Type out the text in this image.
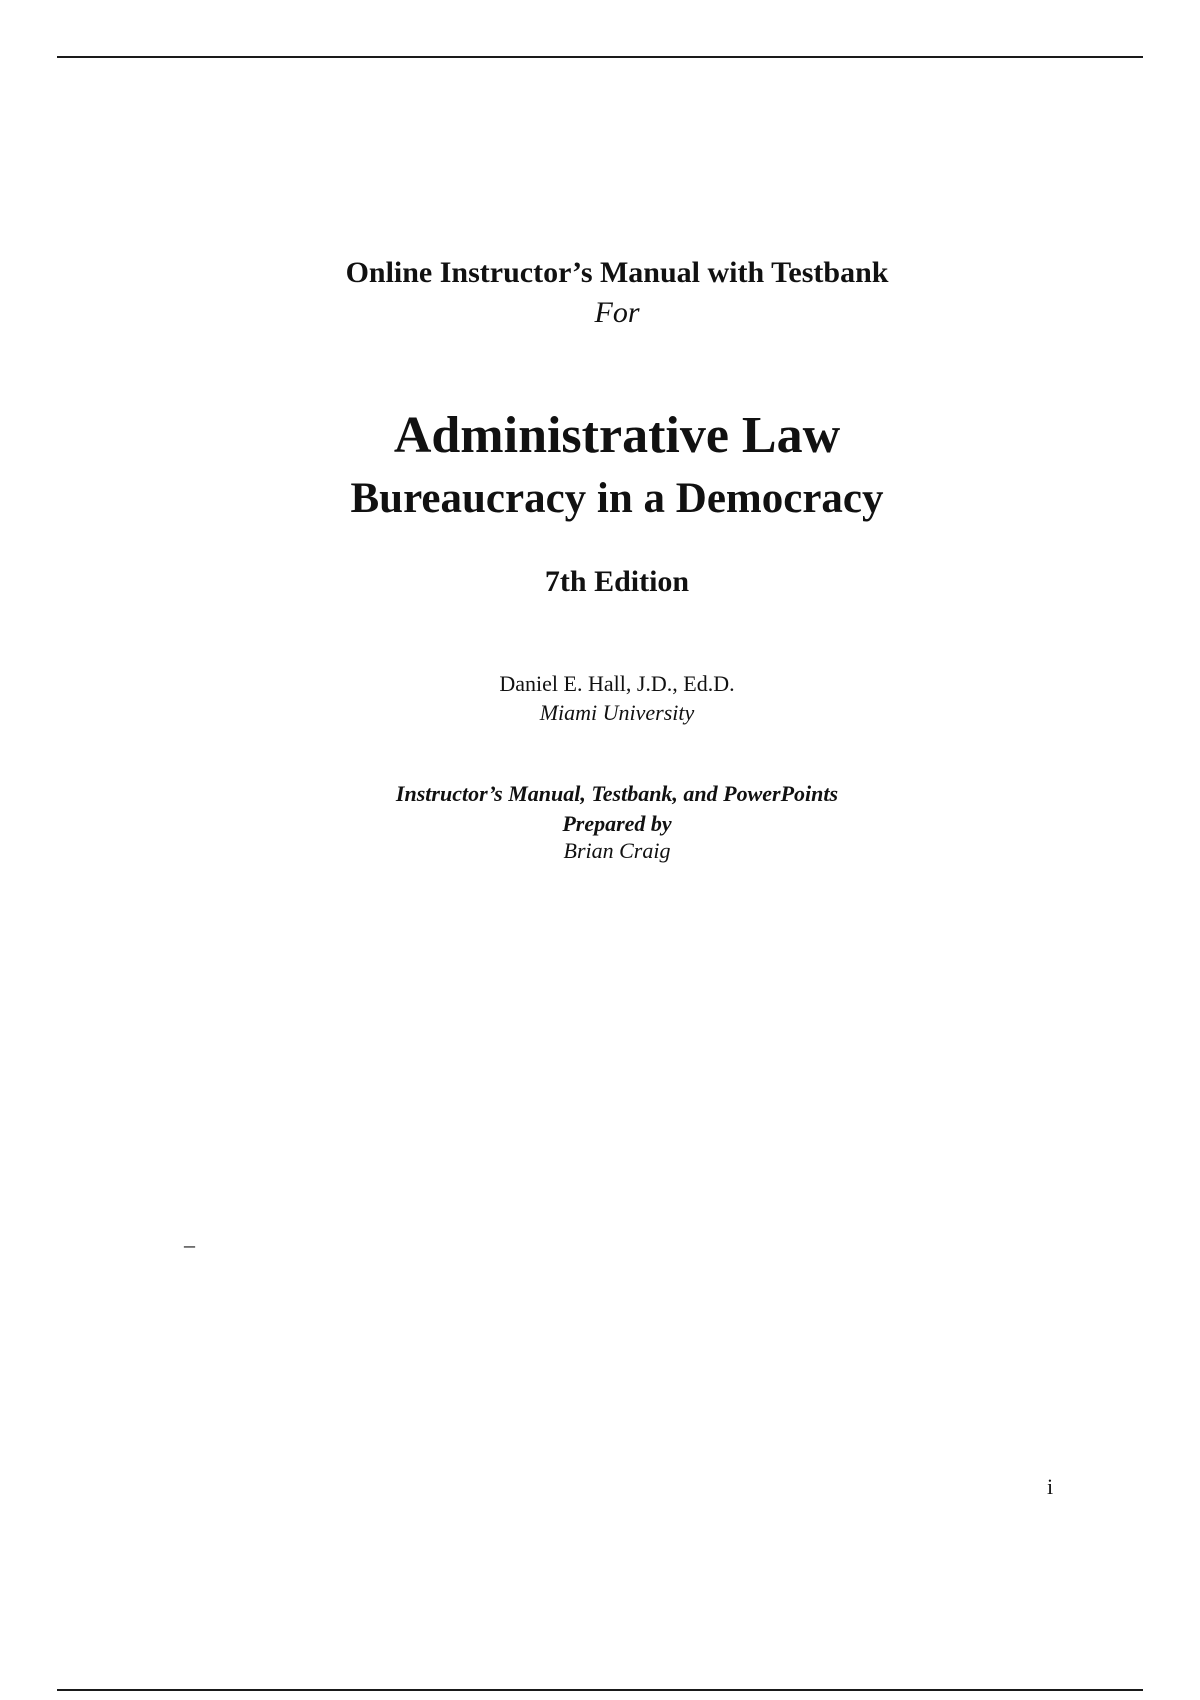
Online Instructor’s Manual with Testbank
For
Administrative Law
Bureaucracy in a Democracy
7th Edition
Daniel E. Hall, J.D., Ed.D.
Miami University
Instructor’s Manual, Testbank, and PowerPoints
Prepared by
Brian Craig
–
i
